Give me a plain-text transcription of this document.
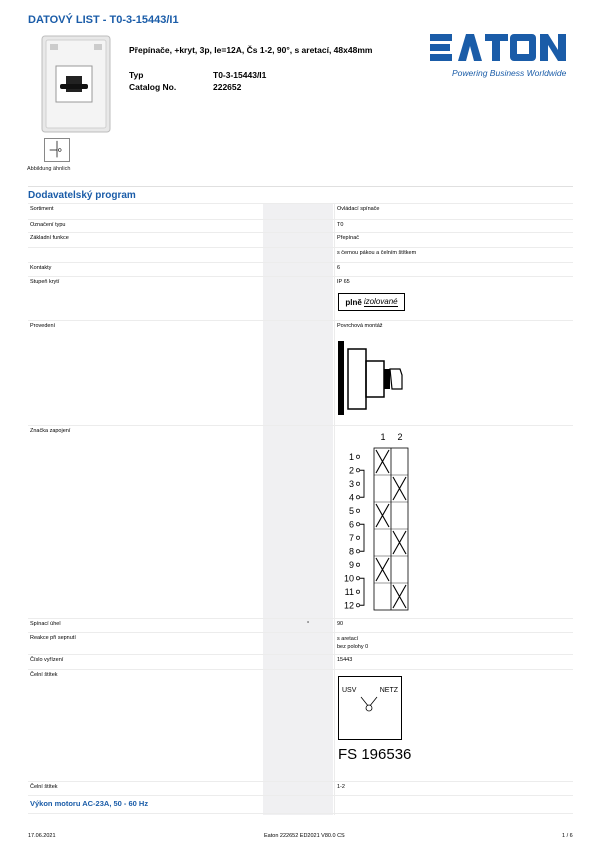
DATOVÝ LIST - T0-3-15443/I1
Abbildung ähnlich
Přepínače, +kryt, 3p, Ie=12A, Čs 1-2, 90°, s aretací, 48x48mm
Typ	T0-3-15443/I1
Catalog No.	222652
Powering Business Worldwide
Dodavatelský program
Sortiment	Ovládací spínače
Označení typu	T0
Základní funkce	Přepínač
s černou pákou a čelním štítkem
Kontakty	6
Stupeň krytí	IP 65
plně izolované
Provedení	Povrchová montáž
Značka zapojení
1 2
1
2
3
4
5
6
7
8
9
10
11
12
Spínací úhel	°	90
Reakce při sepnutí	s aretací
bez polohy 0
Číslo vyřízení	15443
Čelní štítek
USV	NETZ
FS 196536
Čelní štítek	1-2
Výkon motoru AC-23A, 50 - 60 Hz
17.06.2021	Eaton 222652 ED2021 V80.0 CS	1 / 6
